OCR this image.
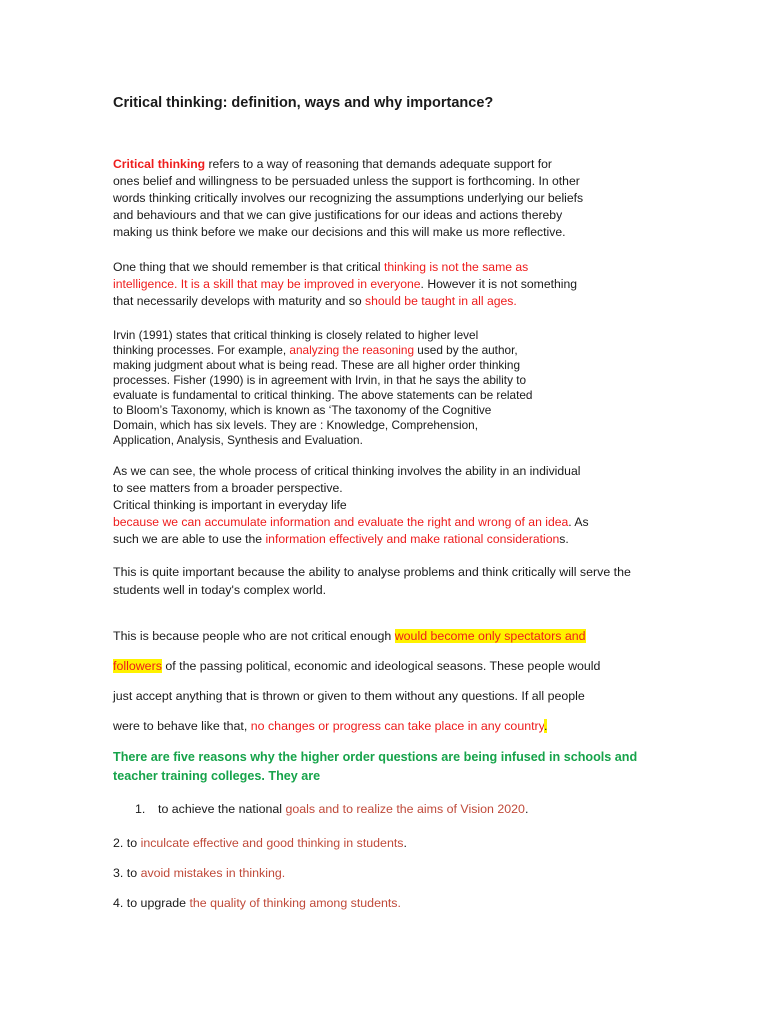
Critical thinking: definition, ways and why importance?
Critical thinking refers to a way of reasoning that demands adequate support for
ones belief and willingness to be persuaded unless the support is forthcoming. In other
words thinking critically involves our recognizing the assumptions underlying our beliefs
and behaviours and that we can give justifications for our ideas and actions thereby
making us think before we make our decisions and this will make us more reflective.
One thing that we should remember is that critical thinking is not the same as
intelligence. It is a skill that may be improved in everyone. However it is not something
that necessarily develops with maturity and so should be taught in all ages.
Irvin (1991) states that critical thinking is closely related to higher level
thinking processes. For example, analyzing the reasoning used by the author,
making judgment about what is being read. These are all higher order thinking
processes. Fisher (1990) is in agreement with Irvin, in that he says the ability to
evaluate is fundamental to critical thinking. The above statements can be related
to Bloom’s Taxonomy, which is known as ‘The taxonomy of the Cognitive
Domain, which has six levels. They are : Knowledge, Comprehension,
Application, Analysis, Synthesis and Evaluation.
As we can see, the whole process of critical thinking involves the ability in an individual
to see matters from a broader perspective.
Critical thinking is important in everyday life
because we can accumulate information and evaluate the right and wrong of an idea. As
such we are able to use the information effectively and make rational considerations.
This is quite important because the ability to analyse problems and think critically will serve the
students well in today's complex world.
This is because people who are not critical enough would become only spectators and
followers of the passing political, economic and ideological seasons. These people would
just accept anything that is thrown or given to them without any questions. If all people
were to behave like that, no changes or progress can take place in any country.
There are five reasons why the higher order questions are being infused in schools and
teacher training colleges. They are
1. to achieve the national goals and to realize the aims of Vision 2020.
2. to inculcate effective and good thinking in students.
3. to avoid mistakes in thinking.
4. to upgrade the quality of thinking among students.
